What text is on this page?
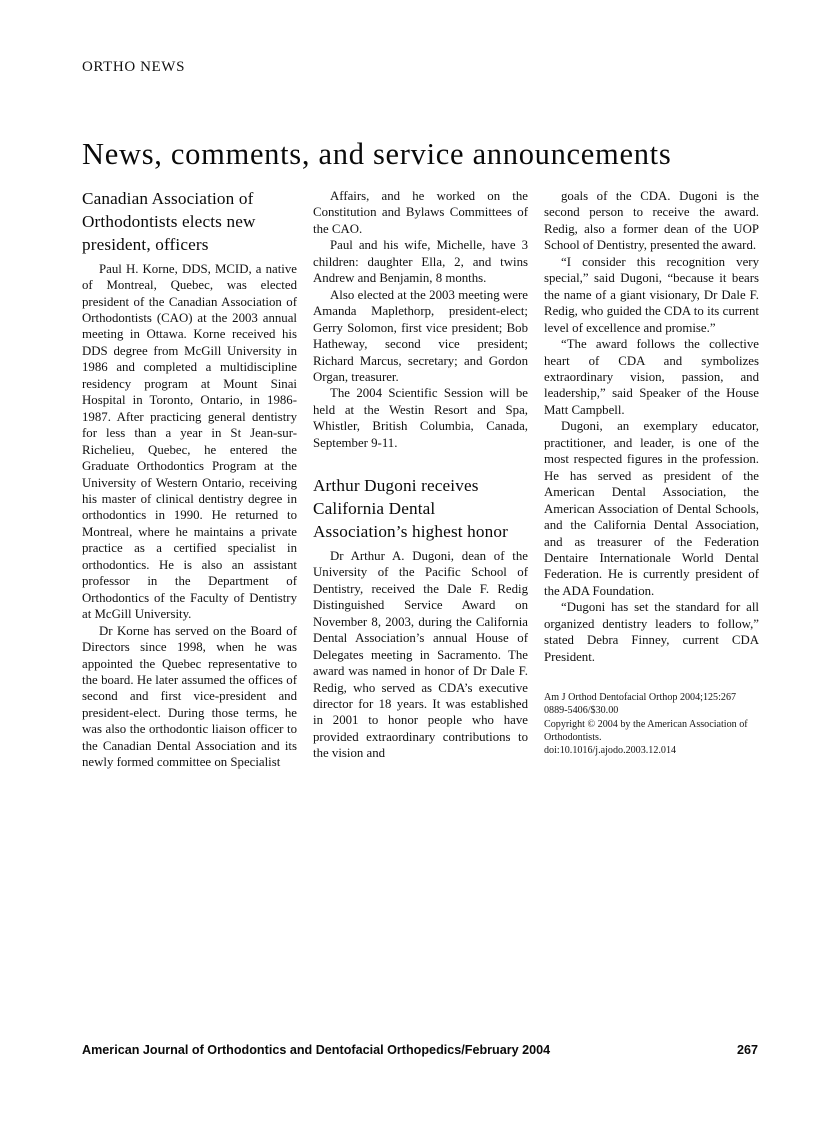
ORTHO NEWS
News, comments, and service announcements
Canadian Association of Orthodontists elects new president, officers

Paul H. Korne, DDS, MCID, a native of Montreal, Quebec, was elected president of the Canadian Association of Orthodontists (CAO) at the 2003 annual meeting in Ottawa. Korne received his DDS degree from McGill University in 1986 and completed a multidiscipline residency program at Mount Sinai Hospital in Toronto, Ontario, in 1986-1987. After practicing general dentistry for less than a year in St Jean-sur-Richelieu, Quebec, he entered the Graduate Orthodontics Program at the University of Western Ontario, receiving his master of clinical dentistry degree in orthodontics in 1990. He returned to Montreal, where he maintains a private practice as a certified specialist in orthodontics. He is also an assistant professor in the Department of Orthodontics of the Faculty of Dentistry at McGill University.

Dr Korne has served on the Board of Directors since 1998, when he was appointed the Quebec representative to the board. He later assumed the offices of second and first vice-president and president-elect. During those terms, he was also the orthodontic liaison officer to the Canadian Dental Association and its newly formed committee on Specialist

Affairs, and he worked on the Constitution and Bylaws Committees of the CAO.

Paul and his wife, Michelle, have 3 children: daughter Ella, 2, and twins Andrew and Benjamin, 8 months.

Also elected at the 2003 meeting were Amanda Maplethorp, president-elect; Gerry Solomon, first vice president; Bob Hatheway, second vice president; Richard Marcus, secretary; and Gordon Organ, treasurer.

The 2004 Scientific Session will be held at the Westin Resort and Spa, Whistler, British Columbia, Canada, September 9-11.

Arthur Dugoni receives California Dental Association’s highest honor

Dr Arthur A. Dugoni, dean of the University of the Pacific School of Dentistry, received the Dale F. Redig Distinguished Service Award on November 8, 2003, during the California Dental Association’s annual House of Delegates meeting in Sacramento. The award was named in honor of Dr Dale F. Redig, who served as CDA’s executive director for 18 years. It was established in 2001 to honor people who have provided extraordinary contributions to the vision and

goals of the CDA. Dugoni is the second person to receive the award. Redig, also a former dean of the UOP School of Dentistry, presented the award.

“I consider this recognition very special,” said Dugoni, “because it bears the name of a giant visionary, Dr Dale F. Redig, who guided the CDA to its current level of excellence and promise.”

“The award follows the collective heart of CDA and symbolizes extraordinary vision, passion, and leadership,” said Speaker of the House Matt Campbell.

Dugoni, an exemplary educator, practitioner, and leader, is one of the most respected figures in the profession. He has served as president of the American Dental Association, the American Association of Dental Schools, and the California Dental Association, and as treasurer of the Federation Dentaire Internationale World Dental Federation. He is currently president of the ADA Foundation.

“Dugoni has set the standard for all organized dentistry leaders to follow,” stated Debra Finney, current CDA President.

Am J Orthod Dentofacial Orthop 2004;125:267
0889-5406/$30.00
Copyright © 2004 by the American Association of Orthodontists.
doi:10.1016/j.ajodo.2003.12.014
American Journal of Orthodontics and Dentofacial Orthopedics/February 2004	267
